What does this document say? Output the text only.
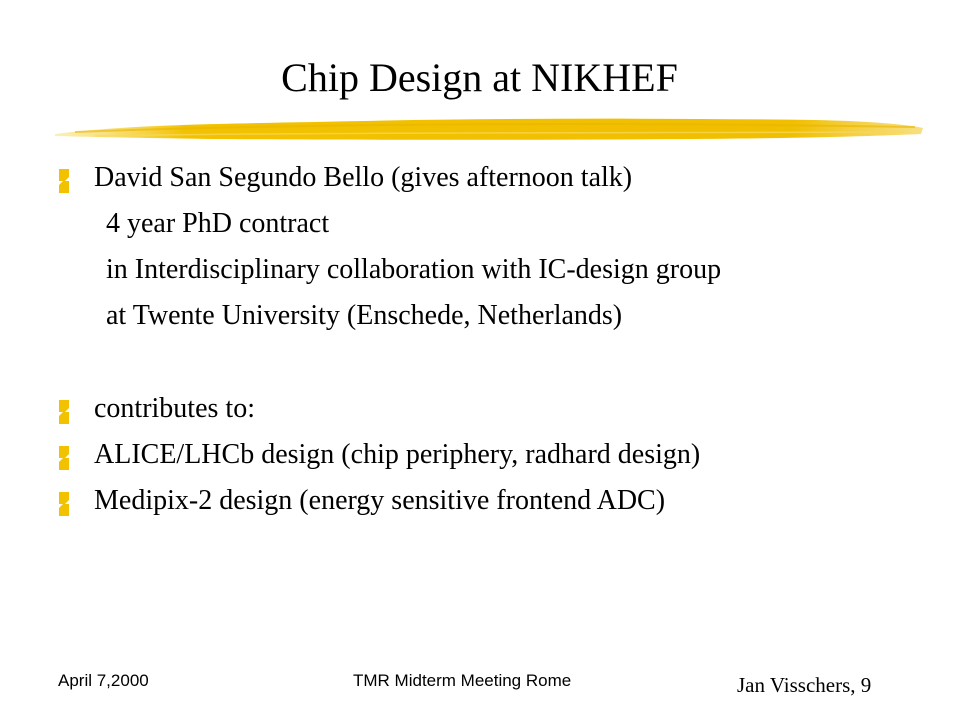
Chip Design at NIKHEF
David San Segundo Bello (gives afternoon talk)
4 year PhD contract
in Interdisciplinary collaboration with IC-design group
at Twente University (Enschede, Netherlands)
contributes to:
ALICE/LHCb design (chip periphery, radhard design)
Medipix-2 design (energy sensitive frontend ADC)
April 7,2000	TMR Midterm Meeting Rome	Jan Visschers, 9
